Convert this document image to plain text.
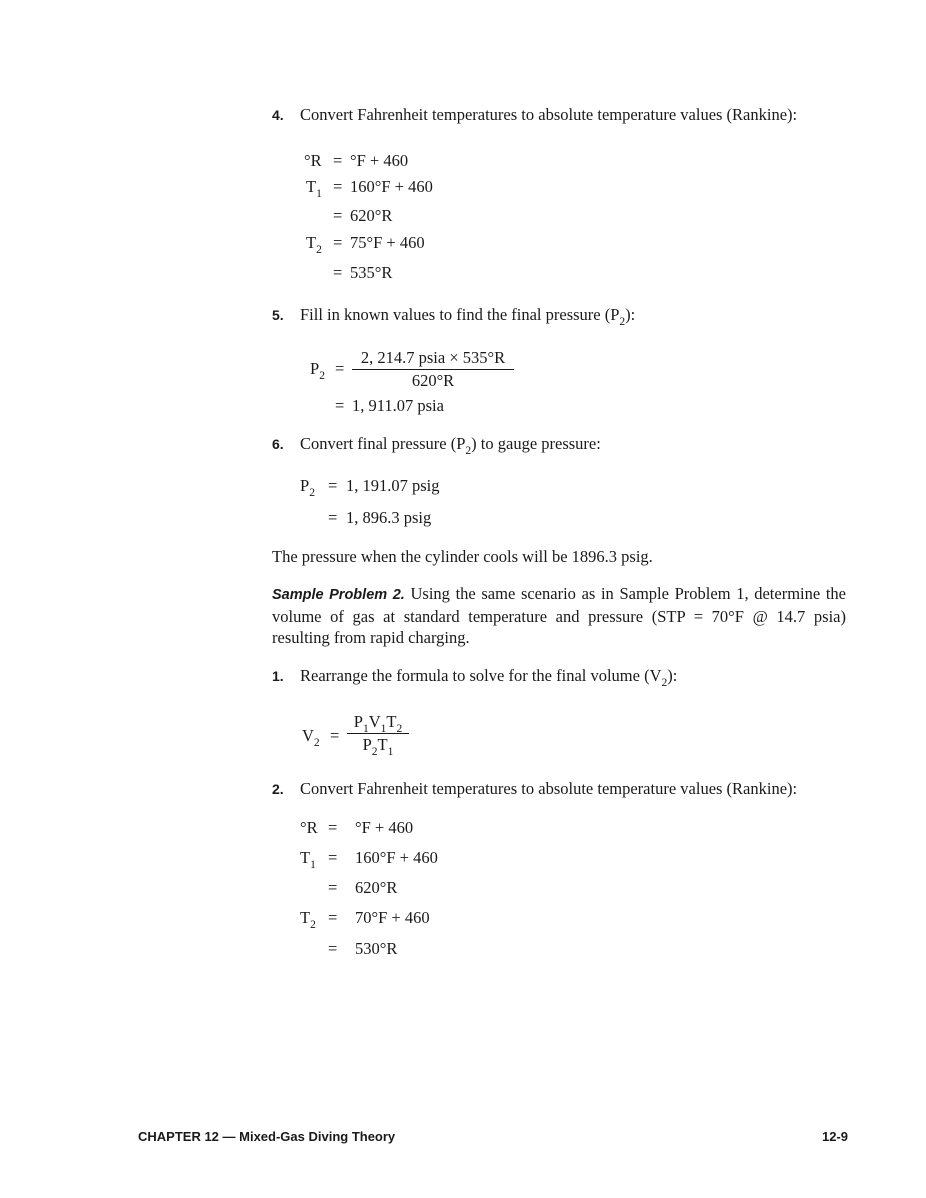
4. Convert Fahrenheit temperatures to absolute temperature values (Rankine):
°R = °F + 460
$T_1 = 160^\circ F + 460$
= 620°R
$T_2 = 75^\circ F + 460$
= 535°R
5. Fill in known values to find the final pressure $(P_2)$:
$P_2$ =
2, 214.7 psia × 535°R
620°R
= 1, 911.07 psia
6. Convert final pressure $(P_2)$ to gauge pressure:
$P_2 = 1$, 191.07 psig
= 1, 896.3 psig
The pressure when the cylinder cools will be 1896.3 psig.
Sample Problem 2. Using the same scenario as in Sample Problem 1, determine the volume of gas at standard temperature and pressure (STP = 70°F @ 14.7 psia) resulting from rapid charging.
1. Rearrange the formula to solve for the final volume $(V_2)$:
$V_2 = \frac{P_1V_1T_2}{P_2T_1}$
2. Convert Fahrenheit temperatures to absolute temperature values (Rankine):
°R = °F + 460
$T_1 = 160^\circ F + 460$
= 620°R
$T_2 = 70^\circ F + 460$
= 530°R
CHAPTER 12 — Mixed-Gas Diving Theory	12-9
